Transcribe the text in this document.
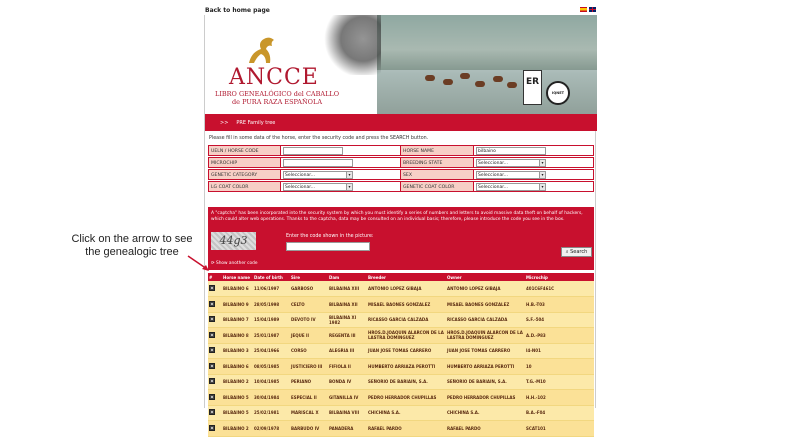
Back to home page
ANCCE
LIBRO GENEALÓGICO del CABALLO
de PURA RAZA ESPAÑOLA
ER
IQNET
>> PRE Family tree
Please fill in some data of the horse, enter the security code and press the SEARCH button.
UELN / HORSE CODE	HORSE NAME	bilbaino
MICROCHIP	BREEDING STATE	Seleccionar...	▾
GENETIC CATEGORY	Seleccionar...	▾	SEX	Seleccionar...	▾
LG COAT COLOR	Seleccionar...	▾	GENETIC COAT COLOR	Seleccionar...	▾
A "captcha" has been incorporated into the security system by which you must identify a series of numbers and letters to avoid massive data theft on behalf of hackers, which could alter web operations. Thanks to the captcha, data may be consulted on an individual basis; therefore, please introduce the code you see in the box.
44g3	Enter the code shown in the picture:
⌕ Search
⟳ Show another code
#	Horse name	Date of birth	Sire	Dam	Breeder	Owner	Microchip
	BILBAINO 6	11/06/1997	GARBOSO	BILBAINA XIII	ANTONIO LOPEZ GIBAJA	ANTONIO LOPEZ GIBAJA	401C6F461C
	BILBAINO 9	28/05/1998	CELTO	BILBAINA XII	MISAEL BAONES GONZALEZ	MISAEL BAONES GONZALEZ	H.B.-T03
	BILBAINO 7	15/04/1989	DEVOTO IV	BILBAINA XI 1982	RICASSO GARCIA CALZADA	RICASSO GARCIA CALZADA	S.F.-504
	BILBAINO 8	25/01/1987	JEQUE II	REGENTA III	HROS.D.JOAQUIN ALARCON DE LA LASTRA DOMINGUEZ	HROS.D.JOAQUIN ALARCON DE LA LASTRA DOMINGUEZ	A.D.-P83
	BILBAINO 3	25/04/1966	CORSO	ALEGRIA III	JUAN JOSE TOMAS CARRERO	JUAN JOSE TOMAS CARRERO	I4-N01
	BILBAINO 6	08/05/1985	JUSTICIERO III	FIFIOLA II	HUMBERTO ARRIAZA PEROTTI	HUMBERTO ARRIAZA PEROTTI	10
	BILBAINO 2	10/04/1985	PERIANO	BONDA IV	SEÑORIO DE BARIAIN, S.A.	SEÑORIO DE BARIAIN, S.A.	T.G.-M10
	BILBAINO 5	30/04/1984	ESPECIAL II	GITANILLA IV	PEDRO HERRADOR CHUPILLAS	PEDRO HERRADOR CHUPILLAS	H.H.-102
	BILBAINO 5	25/02/1981	MARISCAL X	BILBAINA VIII	CHICHINA S.A.	CHICHINA S.A.	B.A.-F04
	BILBAINO 2	02/09/1978	BARBUDO IV	PANADERA	RAFAEL PARDO	RAFAEL PARDO	SCAT101
Click on the arrow to see the genealogic tree
